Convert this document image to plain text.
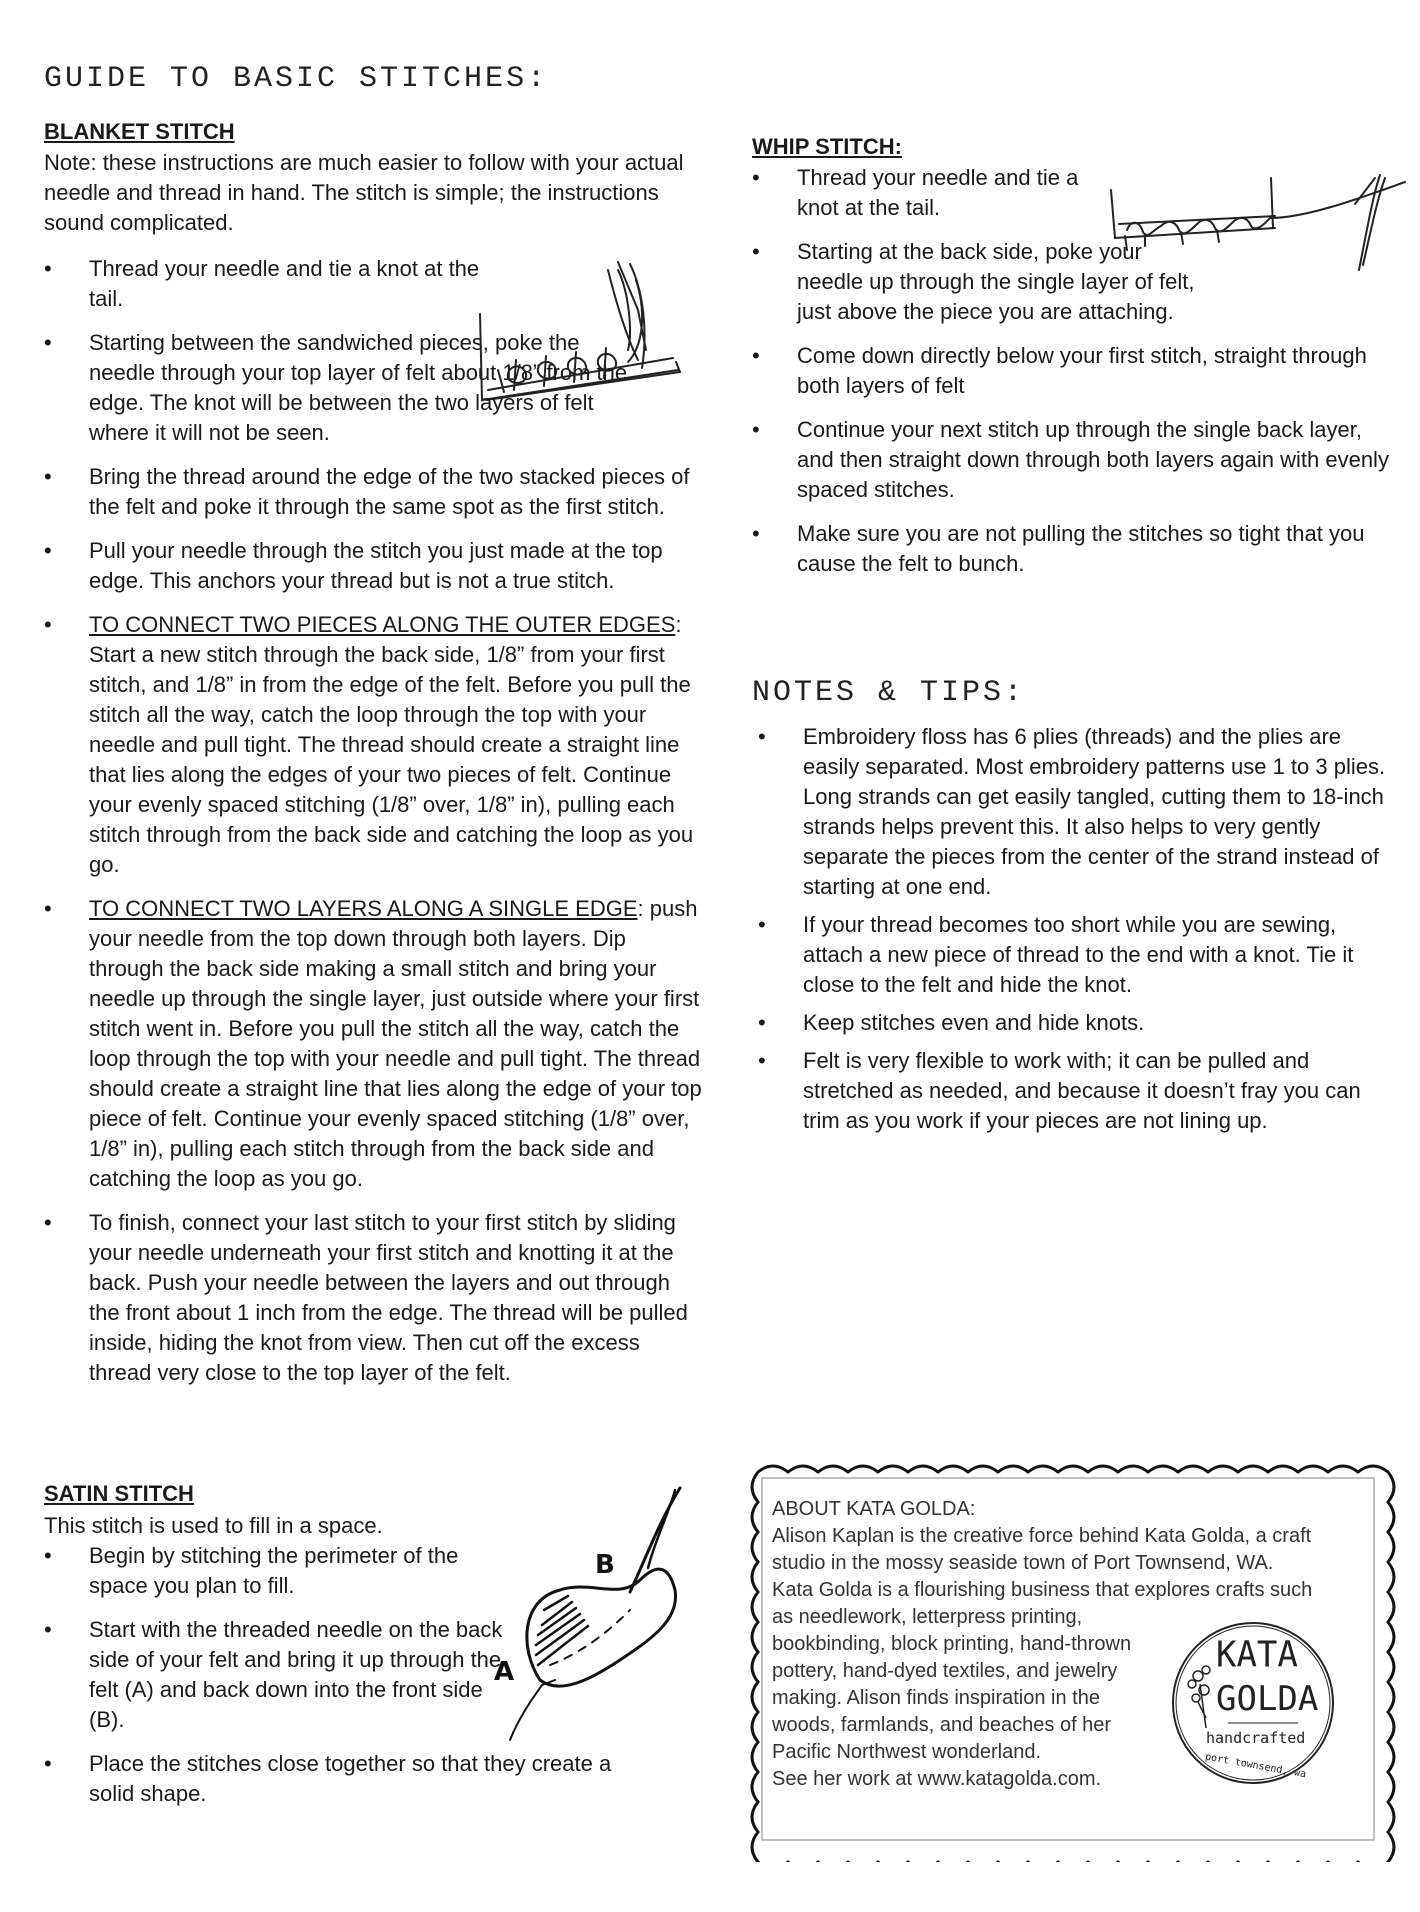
GUIDE TO BASIC STITCHES:
BLANKET STITCH

Note: these instructions are much easier to follow with your actual needle and thread in hand. The stitch is simple; the instructions sound complicated.

• Thread your needle and tie a knot at the tail.
• Starting between the sandwiched pieces, poke the needle through your top layer of felt about 1/8” from the edge. The knot will be between the two layers of felt where it will not be seen.
• Bring the thread around the edge of the two stacked pieces of the felt and poke it through the same spot as the first stitch.
• Pull your needle through the stitch you just made at the top edge. This anchors your thread but is not a true stitch.
• TO CONNECT TWO PIECES ALONG THE OUTER EDGES: Start a new stitch through the back side, 1/8” from your first stitch, and 1/8” in from the edge of the felt. Before you pull the stitch all the way, catch the loop through the top with your needle and pull tight. The thread should create a straight line that lies along the edges of your two pieces of felt. Continue your evenly spaced stitching (1/8” over, 1/8” in), pulling each stitch through from the back side and catching the loop as you go.
• TO CONNECT TWO LAYERS ALONG A SINGLE EDGE: push your needle from the top down through both layers. Dip through the back side making a small stitch and bring your needle up through the single layer, just outside where your first stitch went in. Before you pull the stitch all the way, catch the loop through the top with your needle and pull tight. The thread should create a straight line that lies along the edge of your top piece of felt. Continue your evenly spaced stitching (1/8” over, 1/8” in), pulling each stitch through from the back side and catching the loop as you go.
• To finish, connect your last stitch to your first stitch by sliding your needle underneath your first stitch and knotting it at the back. Push your needle between the layers and out through the front about 1 inch from the edge. The thread will be pulled inside, hiding the knot from view. Then cut off the excess thread very close to the top layer of the felt.
SATIN STITCH

This stitch is used to fill in a space.

• Begin by stitching the perimeter of the space you plan to fill.
• Start with the threaded needle on the back side of your felt and bring it up through the felt (A) and back down into the front side (B).
• Place the stitches close together so that they create a solid shape.
B
A
WHIP STITCH:
• Thread your needle and tie a knot at the tail.
• Starting at the back side, poke your needle up through the single layer of felt, just above the piece you are attaching.
• Come down directly below your first stitch, straight through both layers of felt
• Continue your next stitch up through the single back layer, and then straight down through both layers again with evenly spaced stitches.
• Make sure you are not pulling the stitches so tight that you cause the felt to bunch.
NOTES & TIPS:
• Embroidery floss has 6 plies (threads) and the plies are easily separated. Most embroidery patterns use 1 to 3 plies. Long strands can get easily tangled, cutting them to 18-inch strands helps prevent this. It also helps to very gently separate the pieces from the center of the strand instead of starting at one end.
• If your thread becomes too short while you are sewing, attach a new piece of thread to the end with a knot. Tie it close to the felt and hide the knot.
• Keep stitches even and hide knots.
• Felt is very flexible to work with; it can be pulled and stretched as needed, and because it doesn’t fray you can trim as you work if your pieces are not lining up.

ABOUT KATA GOLDA:

Alison Kaplan is the creative force behind Kata Golda, a craft

studio in the mossy seaside town of Port Townsend, WA.

Kata Golda is a flourishing business that explores crafts such

as needlework, letterpress printing,

bookbinding, block printing, hand-thrown

pottery, hand-dyed textiles, and jewelry

making. Alison finds inspiration in the

woods, farmlands, and beaches of her

Pacific Northwest wonderland.

See her work at www.katagolda.com.

KATA
GOLDA
handcrafted
port townsend, wa
